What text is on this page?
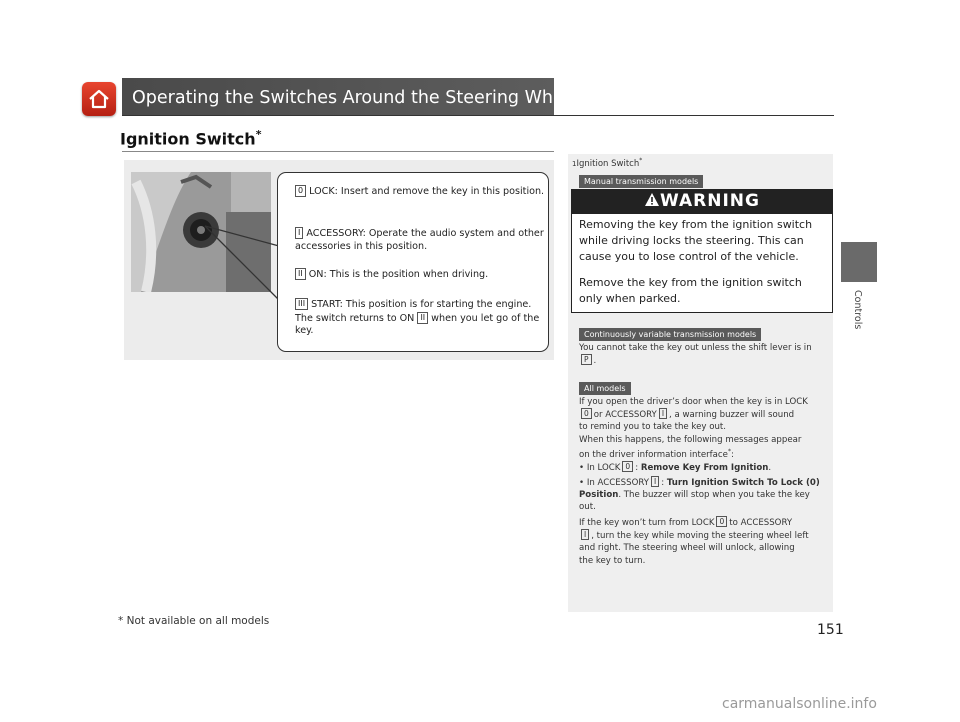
Operating the Switches Around the Steering Wheel
Ignition Switch*
0 LOCK: Insert and remove the key in this position.
I ACCESSORY: Operate the audio system and other accessories in this position.
II ON: This is the position when driving.
III START: This position is for starting the engine. The switch returns to ON II when you let go of the key.
1Ignition Switch*
Manual transmission models
WARNING
Removing the key from the ignition switch while driving locks the steering. This can cause you to lose control of the vehicle.
Remove the key from the ignition switch only when parked.
Continuously variable transmission models
You cannot take the key out unless the shift lever is in P .
All models
If you open the driver’s door when the key is in LOCK
0 or ACCESSORY I , a warning buzzer will sound
to remind you to take the key out.
When this happens, the following messages appear
on the driver information interface*:
• In LOCK 0 : Remove Key From Ignition.
• In ACCESSORY I : Turn Ignition Switch To Lock (0) Position. The buzzer will stop when you take the key out.
If the key won’t turn from LOCK 0 to ACCESSORY
I , turn the key while moving the steering wheel left
and right. The steering wheel will unlock, allowing
the key to turn.
Controls
* Not available on all models
151
carmanualsonline.info
